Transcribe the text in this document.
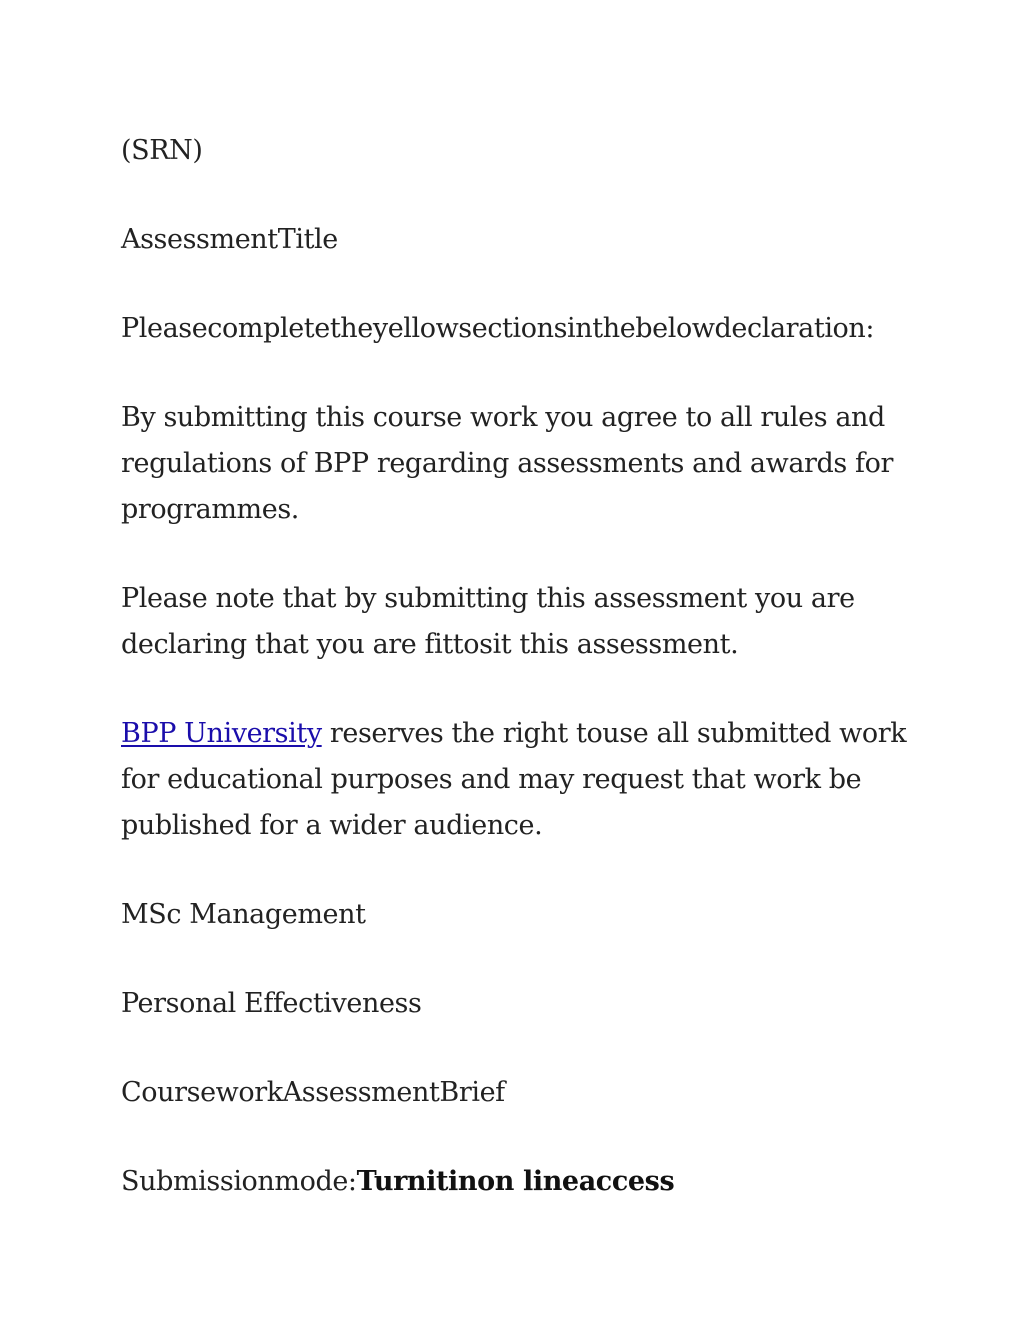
(SRN)

AssessmentTitle

Pleasecompletetheyellowsectionsinthebelowdeclaration:

By submitting this course work you agree to all rules and regulations of BPP regarding assessments and awards for programmes.

Please note that by submitting this assessment you are declaring that you are fittosit this assessment.

BPP University reserves the right touse all submitted work for educational purposes and may request that work be published for a wider audience.

MSc Management

Personal Effectiveness

CourseworkAssessmentBrief

Submissionmode:Turnitinon lineaccess
